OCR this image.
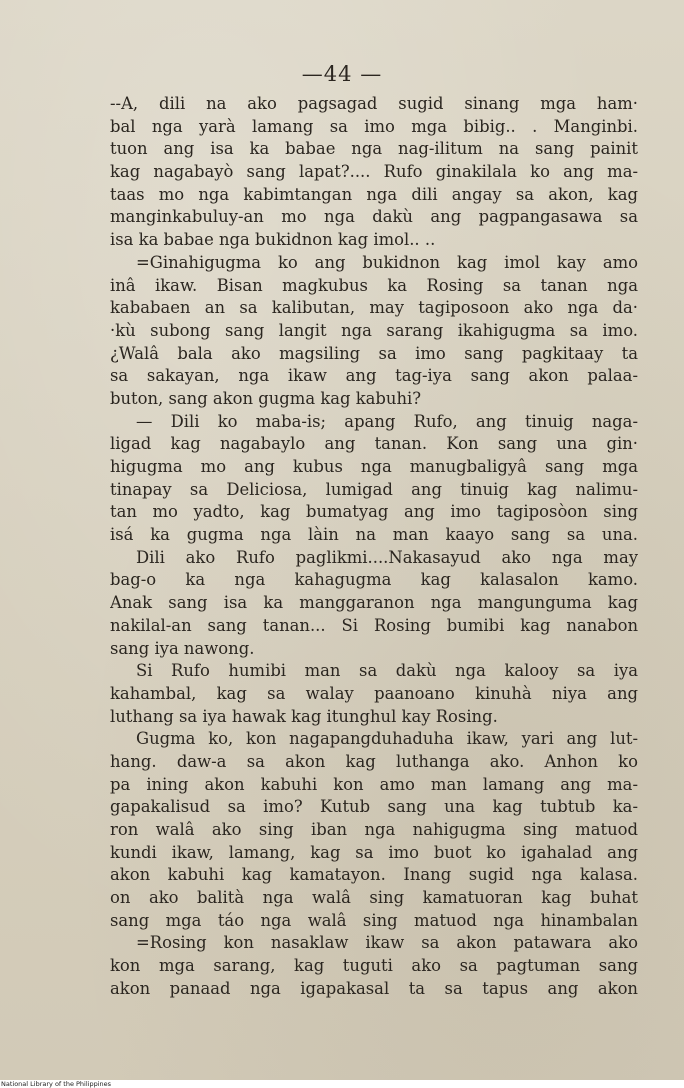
—44 —
--A, dili na ako pagsagad sugid sinang mga ham·
bal nga yarà lamang sa imo mga bibig.. . Manginbi.
tuon ang isa ka babae nga nag-ilitum na sang painit
kag nagabayò sang lapat?.... Rufo ginakilala ko ang ma-
taas mo nga kabimtangan nga dili angay sa akon, kag
manginkabuluy-an mo nga dakù ang pagpangasawa sa
isa ka babae nga bukidnon kag imol.. ..
=Ginahigugma ko ang bukidnon kag imol kay amo
inâ ikaw. Bisan magkubus ka Rosing sa tanan nga
kababaen an sa kalibutan, may tagiposoon ako nga da·
·kù subong sang langit nga sarang ikahigugma sa imo.
¿Walâ bala ako magsiling sa imo sang pagkitaay ta
sa sakayan, nga ikaw ang tag-iya sang akon palaa-
buton, sang akon gugma kag kabuhi?
— Dili ko maba-is; apang Rufo, ang tinuig naga-
ligad kag nagabaylo ang tanan. Kon sang una gin·
higugma mo ang kubus nga manugbaligyâ sang mga
tinapay sa Deliciosa, lumigad ang tinuig kag nalimu-
tan mo yadto, kag bumatyag ang imo tagiposòon sing
isá ka gugma nga làin na man kaayo sang sa una.
Dili ako Rufo paglikmi....Nakasayud ako nga may
bag-o ka nga kahagugma kag kalasalon kamo.
Anak sang isa ka manggaranon nga mangunguma kag
nakilal-an sang tanan... Si Rosing bumibi kag nanabon
sang iya nawong.
Si Rufo humibi man sa dakù nga kalooy sa iya
kahambal, kag sa walay paanoano kinuhà niya ang
luthang sa iya hawak kag itunghul kay Rosing.
Gugma ko, kon nagapangduhaduha ikaw, yari ang lut-
hang. daw-a sa akon kag luthanga ako. Anhon ko
pa ining akon kabuhi kon amo man lamang ang ma-
gapakalisud sa imo? Kutub sang una kag tubtub ka-
ron walâ ako sing iban nga nahigugma sing matuod
kundi ikaw, lamang, kag sa imo buot ko igahalad ang
akon kabuhi kag kamatayon. Inang sugid nga kalasa.
on ako balità nga walâ sing kamatuoran kag buhat
sang mga táo nga walâ sing matuod nga hinambalan
=Rosing kon nasaklaw ikaw sa akon patawara ako
kon mga sarang, kag tuguti ako sa pagtuman sang
akon panaad nga igapakasal ta sa tapus ang akon
National Library of the Philippines
